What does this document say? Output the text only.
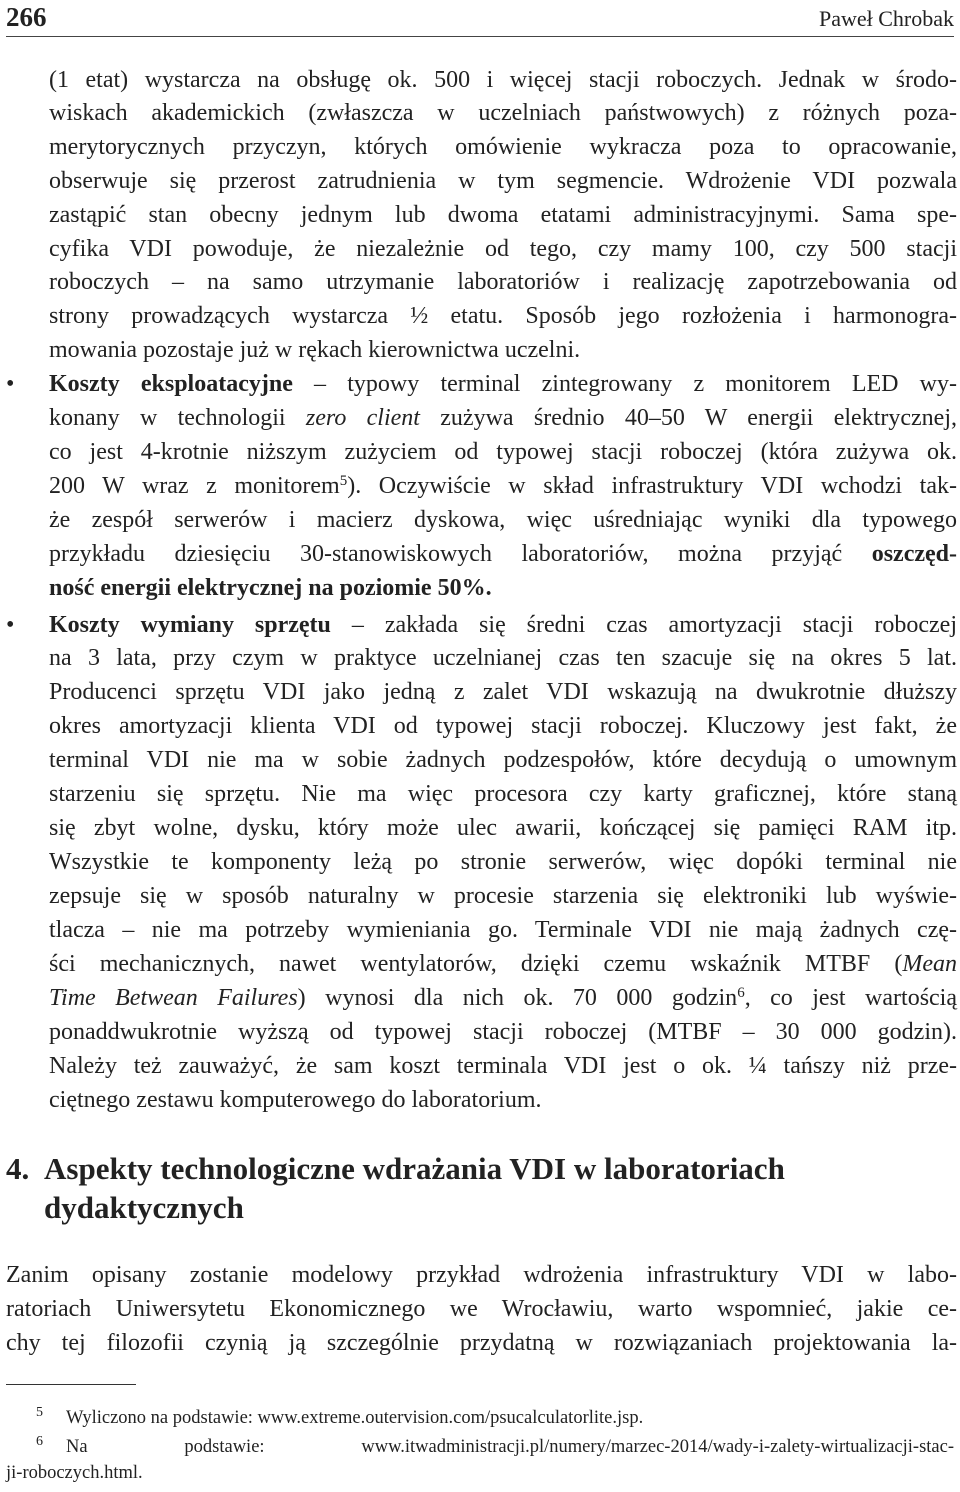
266	Paweł Chrobak
(1 etat) wystarcza na obsługę ok. 500 i więcej stacji roboczych. Jednak w środo-
wiskach akademickich (zwłaszcza w uczelniach państwowych) z różnych poza-
merytorycznych przyczyn, których omówienie wykracza poza to opracowanie,
obserwuje się przerost zatrudnienia w tym segmencie. Wdrożenie VDI pozwala
zastąpić stan obecny jednym lub dwoma etatami administracyjnymi. Sama spe-
cyfika VDI powoduje, że niezależnie od tego, czy mamy 100, czy 500 stacji
roboczych – na samo utrzymanie laboratoriów i realizację zapotrzebowania od
strony prowadzących wystarcza ½ etatu. Sposób jego rozłożenia i harmonogra-
mowania pozostaje już w rękach kierownictwa uczelni.
• Koszty eksploatacyjne – typowy terminal zintegrowany z monitorem LED wy-
konany w technologii zero client zużywa średnio 40–50 W energii elektrycznej,
co jest 4-krotnie niższym zużyciem od typowej stacji roboczej (która zużywa ok.
200 W wraz z monitorem$^5$). Oczywiście w skład infrastruktury VDI wchodzi tak-
że zespół serwerów i macierz dyskowa, więc uśredniając wyniki dla typowego
przykładu dziesięciu 30-stanowiskowych laboratoriów, można przyjąć oszczęd-
ność energii elektrycznej na poziomie 50%.
• Koszty wymiany sprzętu – zakłada się średni czas amortyzacji stacji roboczej
na 3 lata, przy czym w praktyce uczelnianej czas ten szacuje się na okres 5 lat.
Producenci sprzętu VDI jako jedną z zalet VDI wskazują na dwukrotnie dłuższy
okres amortyzacji klienta VDI od typowej stacji roboczej. Kluczowy jest fakt, że
terminal VDI nie ma w sobie żadnych podzespołów, które decydują o umownym
starzeniu się sprzętu. Nie ma więc procesora czy karty graficznej, które staną
się zbyt wolne, dysku, który może ulec awarii, kończącej się pamięci RAM itp.
Wszystkie te komponenty leżą po stronie serwerów, więc dopóki terminal nie
zepsuje się w sposób naturalny w procesie starzenia się elektroniki lub wyświe-
tlacza – nie ma potrzeby wymieniania go. Terminale VDI nie mają żadnych czę-
ści mechanicznych, nawet wentylatorów, dzięki czemu wskaźnik MTBF (Mean
Time Betwean Failures) wynosi dla nich ok. 70 000 godzin$^6$, co jest wartością
ponaddwukrotnie wyższą od typowej stacji roboczej (MTBF – 30 000 godzin).
Należy też zauważyć, że sam koszt terminala VDI jest o ok. ¼ tańszy niż prze-
ciętnego zestawu komputerowego do laboratorium.
4. Aspekty technologiczne wdrażania VDI w laboratoriach
dydaktycznych
Zanim opisany zostanie modelowy przykład wdrożenia infrastruktury VDI w labo-
ratoriach Uniwersytetu Ekonomicznego we Wrocławiu, warto wspomnieć, jakie ce-
chy tej filozofii czynią ją szczególnie przydatną w rozwiązaniach projektowania la-
5 Wyliczono na podstawie: www.extreme.outervision.com/psucalculatorlite.jsp.
6 Na podstawie: www.itwadministracji.pl/numery/marzec-2014/wady-i-zalety-wirtualizacji-stac-
ji-roboczych.html.
